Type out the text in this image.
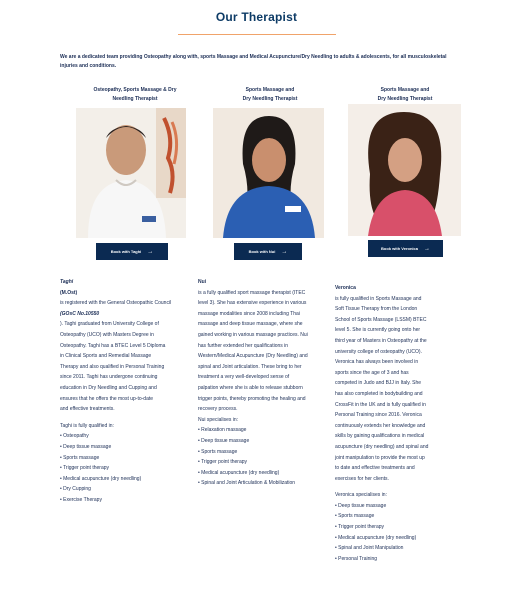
Our Therapist
We are a dedicated team providing Osteopathy along with, sports Massage and Medical Acupuncture/Dry Needling to adults & adolescents, for all musculoskeletal injuries and conditions.
Osteopathy, Sports Massage & Dry
Needling Therapist
Book with Taghi →
Sports Massage and
Dry Needling Therapist
Book with Nui →
Sports Massage and
Dry Needling Therapist
Book with Veronica →
Taghi
(M.Ost)
is registered with the General Osteopathic Council
(GOsC No.10550
). Taghi graduated from University College of
Osteopathy (UCO) with Masters Degree in
Osteopathy. Taghi has a BTEC Level 5 Diploma
in Clinical Sports and Remedial Massage
Therapy and also qualified in Personal Training
since 2011. Taghi has undergone continuing
education in Dry Needling and Cupping and
ensures that he offers the most up-to-date
and effective treatments.
Taghi is fully qualified in:
• Osteopathy
• Deep tissue massage
• Sports massage
• Trigger point therapy
• Medical acupuncture (dry needling)
• Dry Cupping
• Exercise Therapy
Nui
is a fully qualified sport massage therapist (ITEC
level 3). She has extensive experience in various
massage modalities since 2008 including Thai
massage and deep tissue massage, where she
gained working in various massage practices. Nui
has further extended her qualifications in
Western/Medical Acupuncture (Dry Needling) and
spinal and Joint articulation. These bring to her
treatment a very well-developed sense of
palpation where she is able to release stubborn
trigger points, thereby promoting the healing and
recovery process.
Nui specialises in:
• Relaxation massage
• Deep tissue massage
• Sports massage
• Trigger point therapy
• Medical acupuncture (dry needling)
• Spinal and Joint Articulation & Mobilization
Veronica
is fully qualified in Sports Massage and
Soft Tissue Therapy from the London
School of Sports Massage (LSSM) BTEC
level 5. She is currently going onto her
third year of Masters in Osteopathy at the
university college of osteopathy (UCO).
Veronica has always been involved in
sports since the age of 3 and has
competed in Judo and BJJ in Italy. She
has also completed in bodybuilding and
CrossFit in the UK and is fully qualified in
Personal Training since 2016. Veronica
continuously extends her knowledge and
skills by gaining qualifications in medical
acupuncture (dry needling) and spinal and
joint manipulation to provide the most up
to date and effective treatments and
exercises for her clients.
Veronica specialises in:
• Deep tissue massage
• Sports massage
• Trigger point therapy
• Medical acupuncture (dry needling)
• Spinal and Joint Manipulation
• Personal Training
